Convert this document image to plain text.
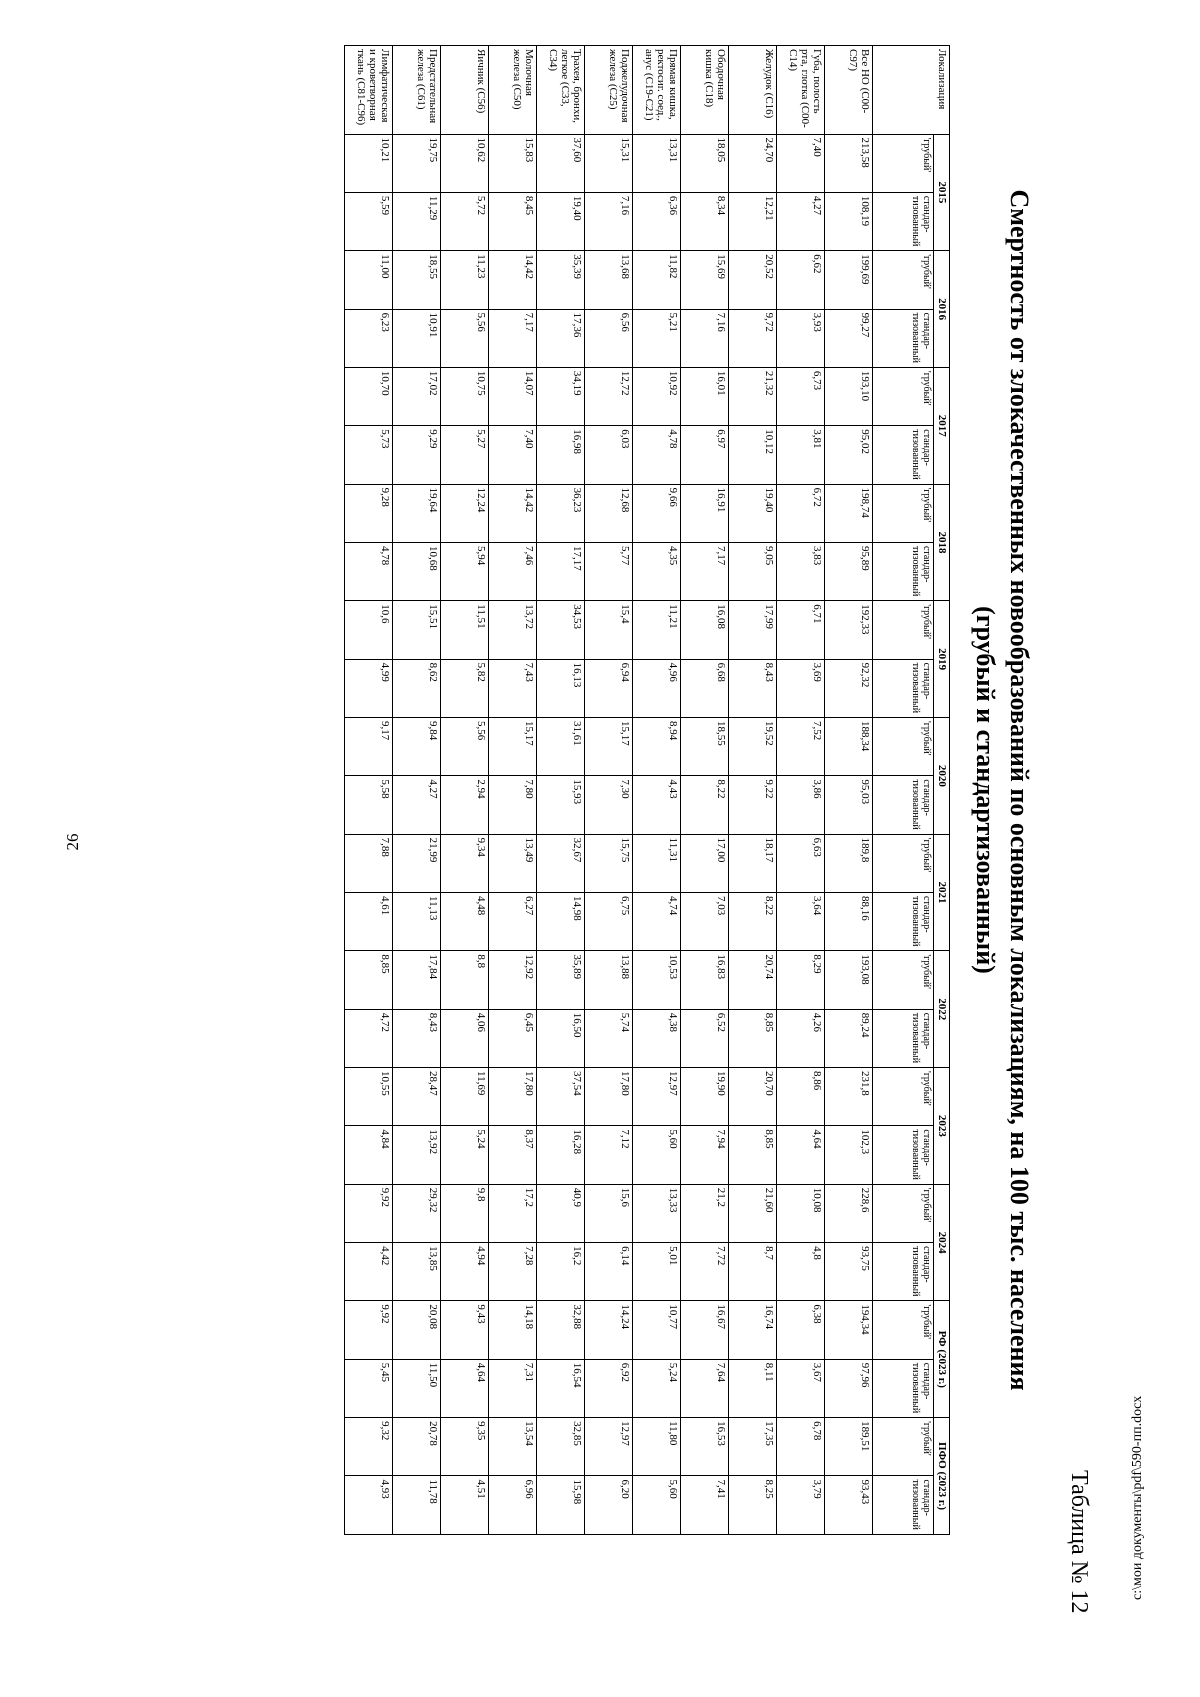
26
c:\мои документы\pdf\590-пп.docx
Таблица № 12
Смертность от злокачественных новообразований по основным локализациям, на 100 тыс. населения
(грубый и стандартизованный)
Локализация	2015		2016		2017		2018		2019		2020		2021		2022		2023		2024		РФ (2023 г.)		ПФО (2023 г.)	
	'грубый'	стандар-тизованный	'грубый'	стандар-тизованный	'грубый'	стандар-тизованный	'грубый'	стандар-тизованный	'грубый'	стандар-тизованный	'грубый'	стандар-тизованный	'грубый'	стандар-тизованный	'грубый'	стандар-тизованный	'грубый'	стандар-тизованный	'грубый'	стандар-тизованный	'грубый'	стандар-тизованный	'грубый'	стандар-тизованный
Все НО (С00-С97)	213,58	108,19	199,69	99,27	193,10	95,02	198,74	95,89	192,33	92,32	188,34	95,03	189,8	88,16	193,08	89,24	231,8	102,3	228,6	93,75	194,34	97,96	189,51	93,43
Губа, полость рта, глотка (С00-С14)	7,40	4,27	6,62	3,93	6,73	3,81	6,72	3,83	6,71	3,69	7,52	3,86	6,63	3,64	8,29	4,26	8,86	4,64	10,08	4,8	6,38	3,67	6,78	3,79
Желудок (С16)	24,70	12,21	20,52	9,72	21,32	10,12	19,40	9,05	17,99	8,43	19,52	9,22	18,17	8,22	20,74	8,85	20,70	8,85	21,60	8,7	16,74	8,11	17,35	8,25
Ободочная кишка (С18)	18,05	8,34	15,69	7,16	16,01	6,97	16,91	7,17	16,08	6,68	18,55	8,22	17,00	7,03	16,83	6,52	19,90	7,94	21,2	7,72	16,67	7,64	16,53	7,41
Прямая кишка, ректосиг. соед., анус (С19-С21)	13,31	6,36	11,82	5,21	10,92	4,78	9,66	4,35	11,21	4,96	8,94	4,43	11,31	4,74	10,53	4,38	12,97	5,60	13,33	5,01	10,77	5,24	11,80	5,60
Поджелудочная железа (С25)	15,31	7,16	13,68	6,56	12,72	6,03	12,68	5,77	15,4	6,94	15,17	7,30	15,75	6,75	13,88	5,74	17,80	7,12	15,6	6,14	14,24	6,92	12,97	6,20
Трахея, бронхи, легкое (С33, С34)	37,60	19,40	35,39	17,36	34,19	16,98	36,23	17,17	34,53	16,13	31,61	15,93	32,67	14,98	35,89	16,50	37,54	16,28	40,9	16,2	32,88	16,54	32,85	15,98
Молочная железа (С50)	15,83	8,45	14,42	7,17	14,07	7,40	14,42	7,46	13,72	7,43	15,17	7,80	13,49	6,27	12,92	6,45	17,80	8,37	17,2	7,28	14,18	7,31	13,54	6,96
Яичник (С56)	10,62	5,72	11,23	5,56	10,75	5,27	12,24	5,94	11,51	5,82	5,56	2,94	9,34	4,48	8,8	4,06	11,69	5,24	9,8	4,94	9,43	4,64	9,35	4,51
Предстательная железа (С61)	19,75	11,29	18,55	10,91	17,02	9,29	19,64	10,68	15,51	8,62	9,84	4,27	21,99	11,13	17,84	8,43	28,47	13,92	29,32	13,85	20,08	11,50	20,78	11,78
Лимфатическая и кроветворная ткань (С81-С96)	10,21	5,59	11,00	6,23	10,70	5,73	9,28	4,78	10,6	4,99	9,17	5,58	7,88	4,61	8,85	4,72	10,55	4,84	9,92	4,42	9,92	5,45	9,32	4,93
